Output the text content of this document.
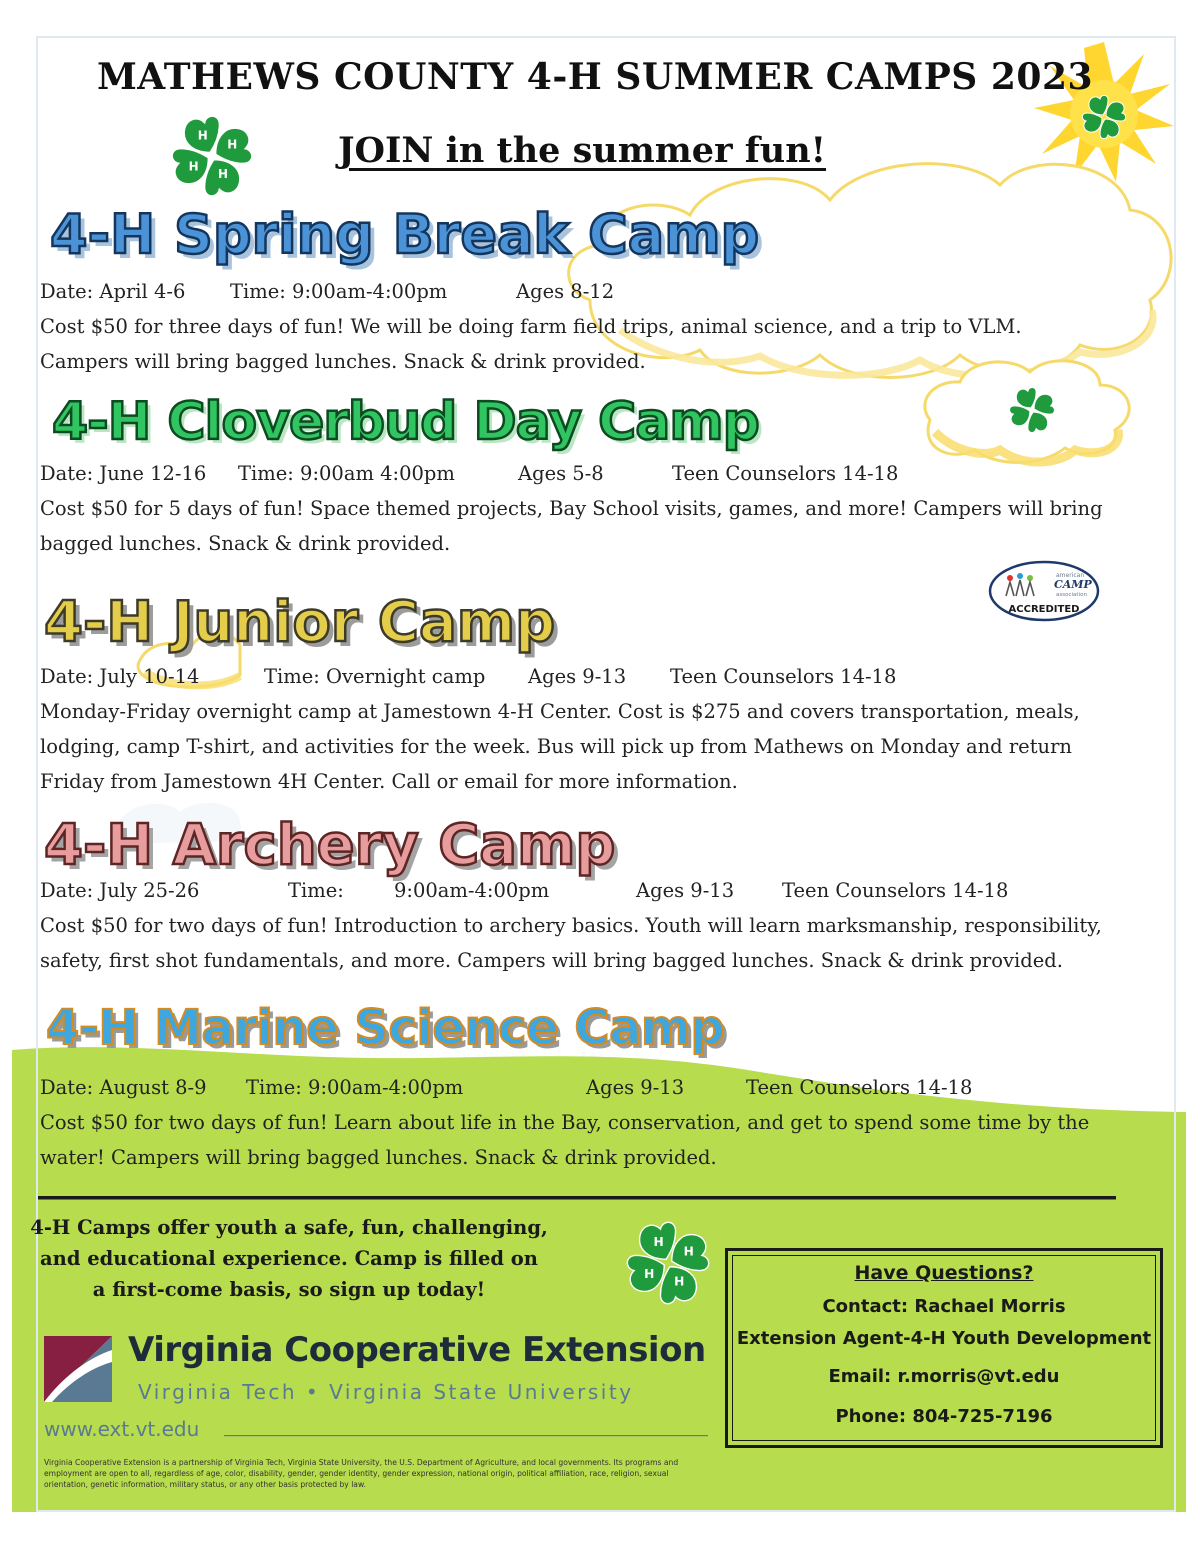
H
H
H
H
H
H
H
H
american
CAMP
association
ACCREDITED
MATHEWS COUNTY 4-H SUMMER CAMPS 2023
JOIN in the summer fun!
4-H Spring Break Camp
Date: April 4-6 Time: 9:00am-4:00pm	Ages 8-12
Cost $50 for three days of fun! We will be doing farm field trips, animal science, and a trip to VLM.
Campers will bring bagged lunches. Snack & drink provided.
4-H Cloverbud Day Camp
Date: June 12-16 Time: 9:00am 4:00pm	Ages 5-8	Teen Counselors 14-18
Cost $50 for 5 days of fun! Space themed projects, Bay School visits, games, and more! Campers will bring
bagged lunches. Snack & drink provided.
4-H Junior Camp
Date: July 10-14	Time: Overnight camp Ages 9-13 Teen Counselors 14-18
Monday-Friday overnight camp at Jamestown 4-H Center. Cost is $275 and covers transportation, meals,
lodging, camp T-shirt, and activities for the week. Bus will pick up from Mathews on Monday and return
Friday from Jamestown 4H Center. Call or email for more information.
4-H Archery Camp
Date: July 25-26	Time:	9:00am-4:00pm	Ages 9-13 Teen Counselors 14-18
Cost $50 for two days of fun! Introduction to archery basics. Youth will learn marksmanship, responsibility,
safety, first shot fundamentals, and more. Campers will bring bagged lunches. Snack & drink provided.
4-H Marine Science Camp
Date: August 8-9 Time: 9:00am-4:00pm	Ages 9-13	Teen Counselors 14-18
Cost $50 for two days of fun! Learn about life in the Bay, conservation, and get to spend some time by the
water! Campers will bring bagged lunches. Snack & drink provided.
4-H Camps offer youth a safe, fun, challenging,
and educational experience. Camp is filled on
a first-come basis, so sign up today!
Have Questions?
Contact: Rachael Morris
Extension Agent-4-H Youth Development
Email: r.morris@vt.edu
Phone: 804-725-7196
Virginia Cooperative Extension
Virginia Tech • Virginia State University
www.ext.vt.edu
Virginia Cooperative Extension is a partnership of Virginia Tech, Virginia State University, the U.S. Department of Agriculture, and local governments. Its programs and employment are open to all, regardless of age, color, disability, gender, gender identity, gender expression, national origin, political affiliation, race, religion, sexual orientation, genetic information, military status, or any other basis protected by law.
